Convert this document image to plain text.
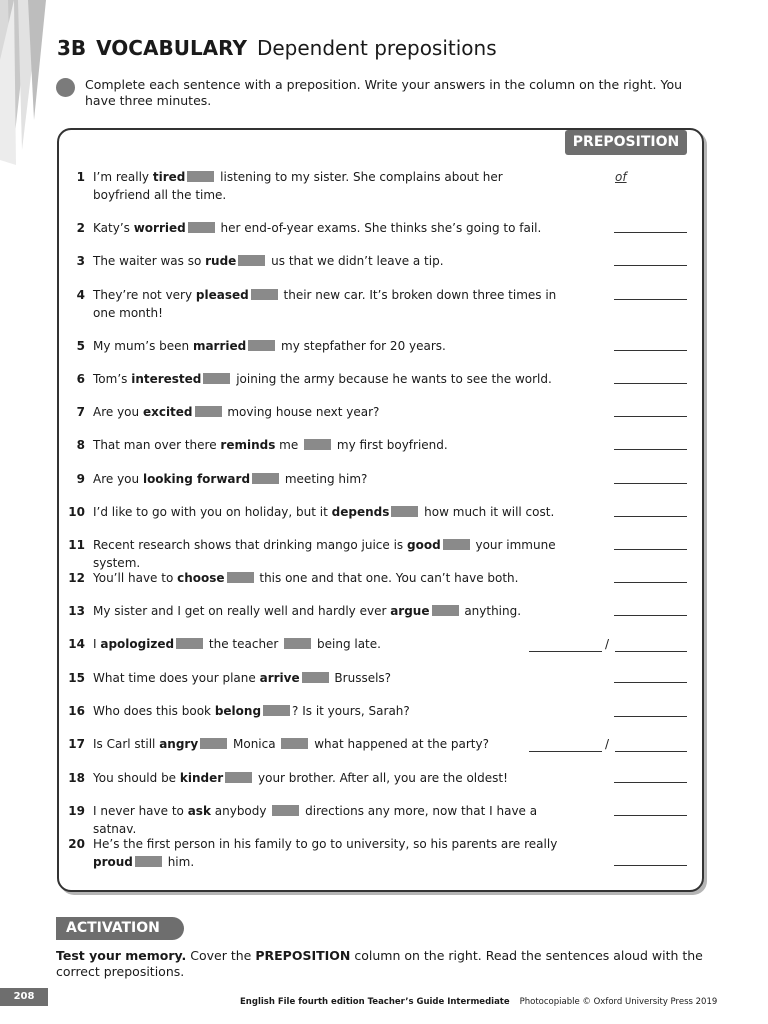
3B VOCABULARY Dependent prepositions
Complete each sentence with a preposition. Write your answers in the column on the right. You have three minutes.
PREPOSITION
1 I’m really tired	listening to my sister. She complains about her boyfriend all the time.
of
2 Katy’s worried	her end-of-year exams. She thinks she’s going to fail.
3 The waiter was so rude	us that we didn’t leave a tip.
4 They’re not very pleased	their new car. It’s broken down three times in one month!
5 My mum’s been married	my stepfather for 20 years.
6 Tom’s interested	joining the army because he wants to see the world.
7 Are you excited	moving house next year?
8 That man over there reminds me	my first boyfriend.
9 Are you looking forward	meeting him?
10 I’d like to go with you on holiday, but it depends	how much it will cost.
11 Recent research shows that drinking mango juice is good	your immune system.
12 You’ll have to choose	this one and that one. You can’t have both.
13 My sister and I get on really well and hardly ever argue	anything.
14 I apologized	the teacher	being late.	/
15 What time does your plane arrive	Brussels?
16 Who does this book belong	? Is it yours, Sarah?
17 Is Carl still angry	Monica	what happened at the party?	/
18 You should be kinder	your brother. After all, you are the oldest!
19 I never have to ask anybody	directions any more, now that I have a satnav.
20 He’s the first person in his family to go to university, so his parents are really proud	him.
ACTIVATION
Test your memory. Cover the PREPOSITION column on the right. Read the sentences aloud with the correct prepositions.
208	English File fourth edition Teacher’s Guide Intermediate Photocopiable © Oxford University Press 2019
